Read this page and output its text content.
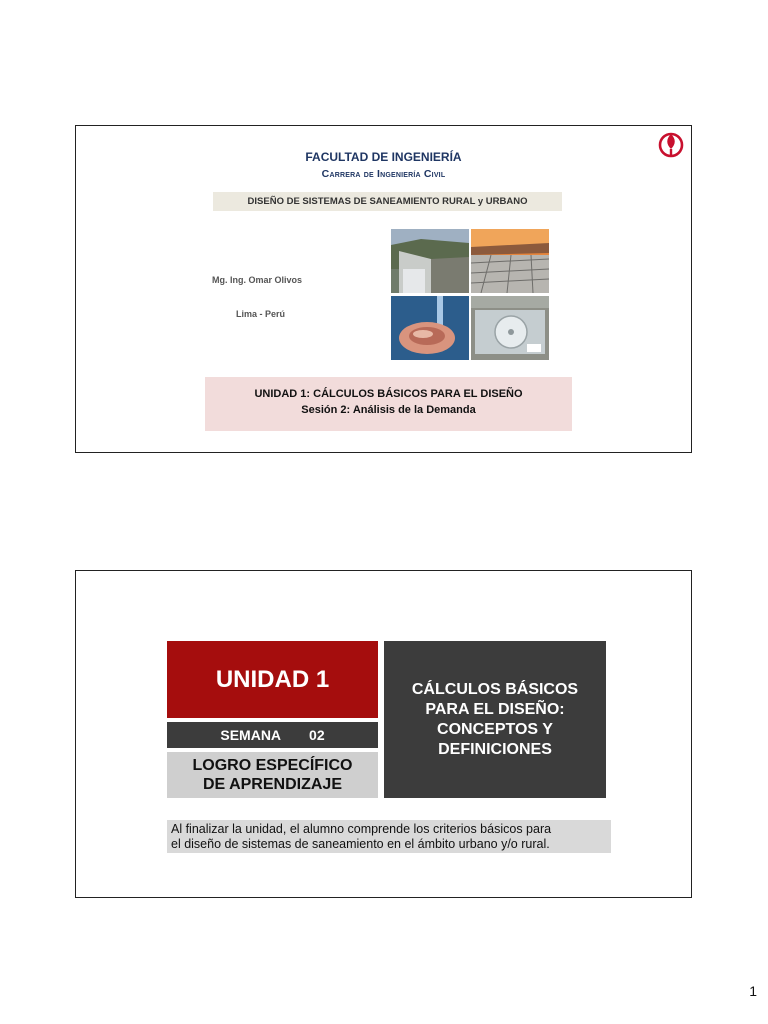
FACULTAD DE INGENIERÍA
Carrera de Ingeniería Civil
DISEÑO DE SISTEMAS DE SANEAMIENTO RURAL y URBANO
Mg. Ing. Omar Olivos
Lima - Perú
UNIDAD 1: CÁLCULOS BÁSICOS PARA EL DISEÑO
Sesión 2: Análisis de la Demanda
UNIDAD 1
SEMANA 02
LOGRO ESPECÍFICO
DE APRENDIZAJE
CÁLCULOS BÁSICOS
PARA EL DISEÑO:
CONCEPTOS Y
DEFINICIONES
Al finalizar la unidad, el alumno comprende los criterios básicos para
el diseño de sistemas de saneamiento en el ámbito urbano y/o rural.
1
